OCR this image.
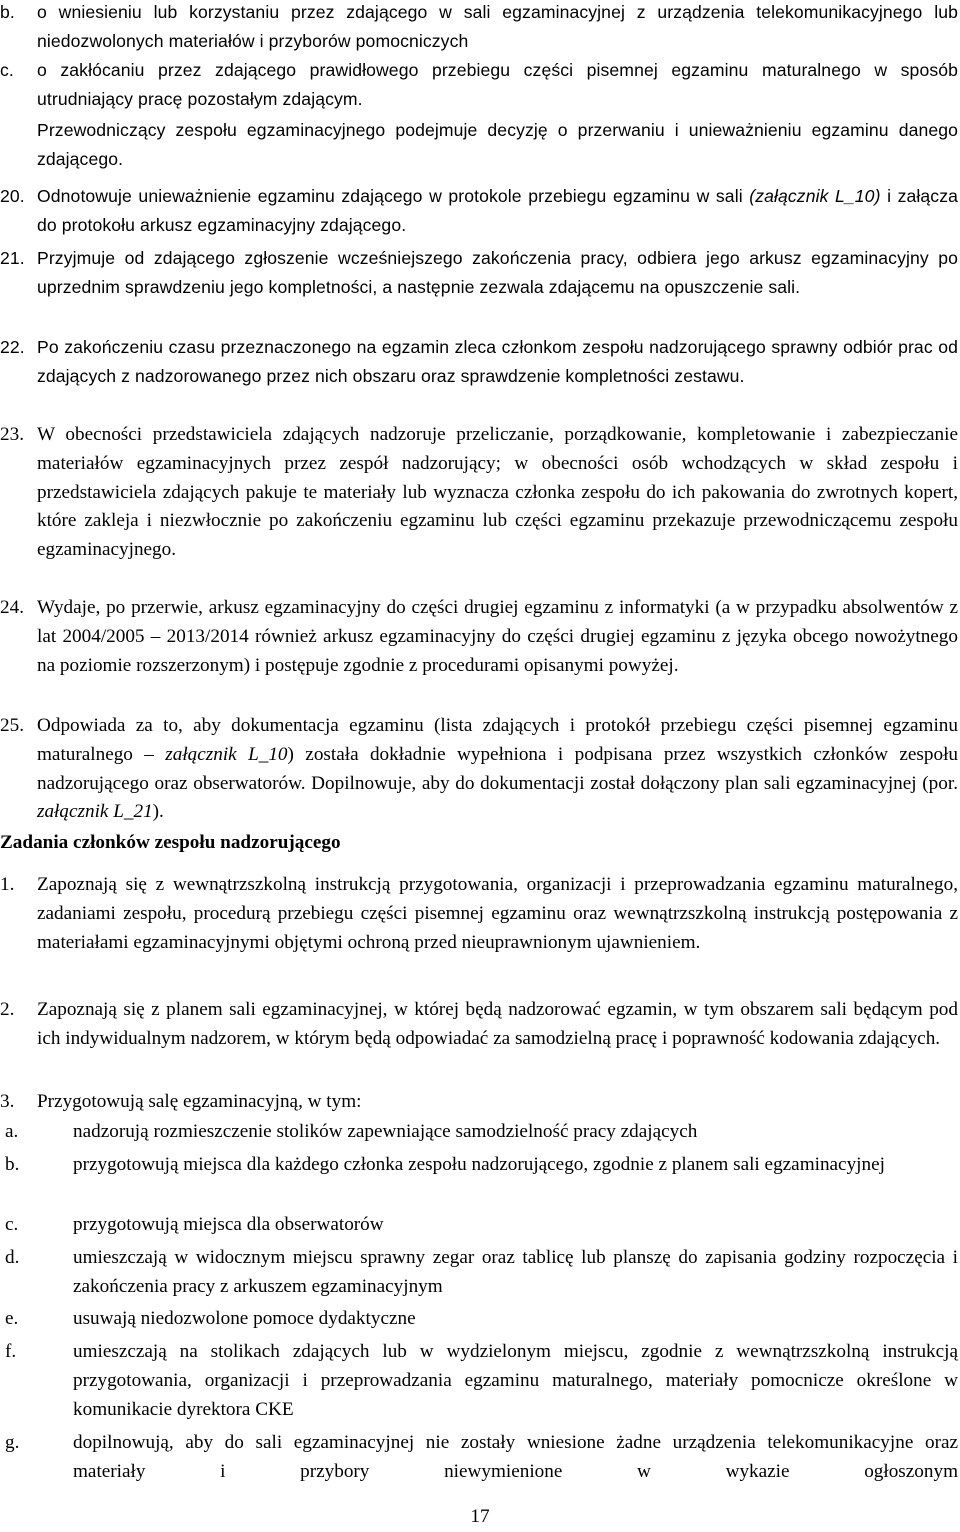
b. o wniesieniu lub korzystaniu przez zdającego w sali egzaminacyjnej z urządzenia telekomunikacyjnego lub niedozwolonych materiałów i przyborów pomocniczych
c. o zakłócaniu przez zdającego prawidłowego przebiegu części pisemnej egzaminu maturalnego w sposób utrudniający pracę pozostałym zdającym.
Przewodniczący zespołu egzaminacyjnego podejmuje decyzję o przerwaniu i unieważnieniu egzaminu danego zdającego.
20. Odnotowuje unieważnienie egzaminu zdającego w protokole przebiegu egzaminu w sali (załącznik L_10) i załącza do protokołu arkusz egzaminacyjny zdającego.
21. Przyjmuje od zdającego zgłoszenie wcześniejszego zakończenia pracy, odbiera jego arkusz egzaminacyjny po uprzednim sprawdzeniu jego kompletności, a następnie zezwala zdającemu na opuszczenie sali.
22. Po zakończeniu czasu przeznaczonego na egzamin zleca członkom zespołu nadzorującego sprawny odbiór prac od zdających z nadzorowanego przez nich obszaru oraz sprawdzenie kompletności zestawu.
23. W obecności przedstawiciela zdających nadzoruje przeliczanie, porządkowanie, kompletowanie i zabezpieczanie materiałów egzaminacyjnych przez zespół nadzorujący; w obecności osób wchodzących w skład zespołu i przedstawiciela zdających pakuje te materiały lub wyznacza członka zespołu do ich pakowania do zwrotnych kopert, które zakleja i niezwłocznie po zakończeniu egzaminu lub części egzaminu przekazuje przewodniczącemu zespołu egzaminacyjnego.
24. Wydaje, po przerwie, arkusz egzaminacyjny do części drugiej egzaminu z informatyki (a w przypadku absolwentów z lat 2004/2005 – 2013/2014 również arkusz egzaminacyjny do części drugiej egzaminu z języka obcego nowożytnego na poziomie rozszerzonym) i postępuje zgodnie z procedurami opisanymi powyżej.
25. Odpowiada za to, aby dokumentacja egzaminu (lista zdających i protokół przebiegu części pisemnej egzaminu maturalnego – załącznik L_10) została dokładnie wypełniona i podpisana przez wszystkich członków zespołu nadzorującego oraz obserwatorów. Dopilnowuje, aby do dokumentacji został dołączony plan sali egzaminacyjnej (por. załącznik L_21).
Zadania członków zespołu nadzorującego
1. Zapoznają się z wewnątrzszkolną instrukcją przygotowania, organizacji i przeprowadzania egzaminu maturalnego, zadaniami zespołu, procedurą przebiegu części pisemnej egzaminu oraz wewnątrzszkolną instrukcją postępowania z materiałami egzaminacyjnymi objętymi ochroną przed nieuprawnionym ujawnieniem.
2. Zapoznają się z planem sali egzaminacyjnej, w której będą nadzorować egzamin, w tym obszarem sali będącym pod ich indywidualnym nadzorem, w którym będą odpowiadać za samodzielną pracę i poprawność kodowania zdających.
3. Przygotowują salę egzaminacyjną, w tym:
a.	nadzorują rozmieszczenie stolików zapewniające samodzielność pracy zdających
b.	przygotowują miejsca dla każdego członka zespołu nadzorującego, zgodnie z planem sali egzaminacyjnej
c.	przygotowują miejsca dla obserwatorów
d.	umieszczają w widocznym miejscu sprawny zegar oraz tablicę lub planszę do zapisania godziny rozpoczęcia i zakończenia pracy z arkuszem egzaminacyjnym
e.	usuwają niedozwolone pomoce dydaktyczne
f.	umieszczają na stolikach zdających lub w wydzielonym miejscu, zgodnie z wewnątrzszkolną instrukcją przygotowania, organizacji i przeprowadzania egzaminu maturalnego, materiały pomocnicze określone w komunikacie dyrektora CKE
g.	dopilnowują, aby do sali egzaminacyjnej nie zostały wniesione żadne urządzenia telekomunikacyjne oraz materiały i przybory niewymienione w wykazie ogłoszonym
17
